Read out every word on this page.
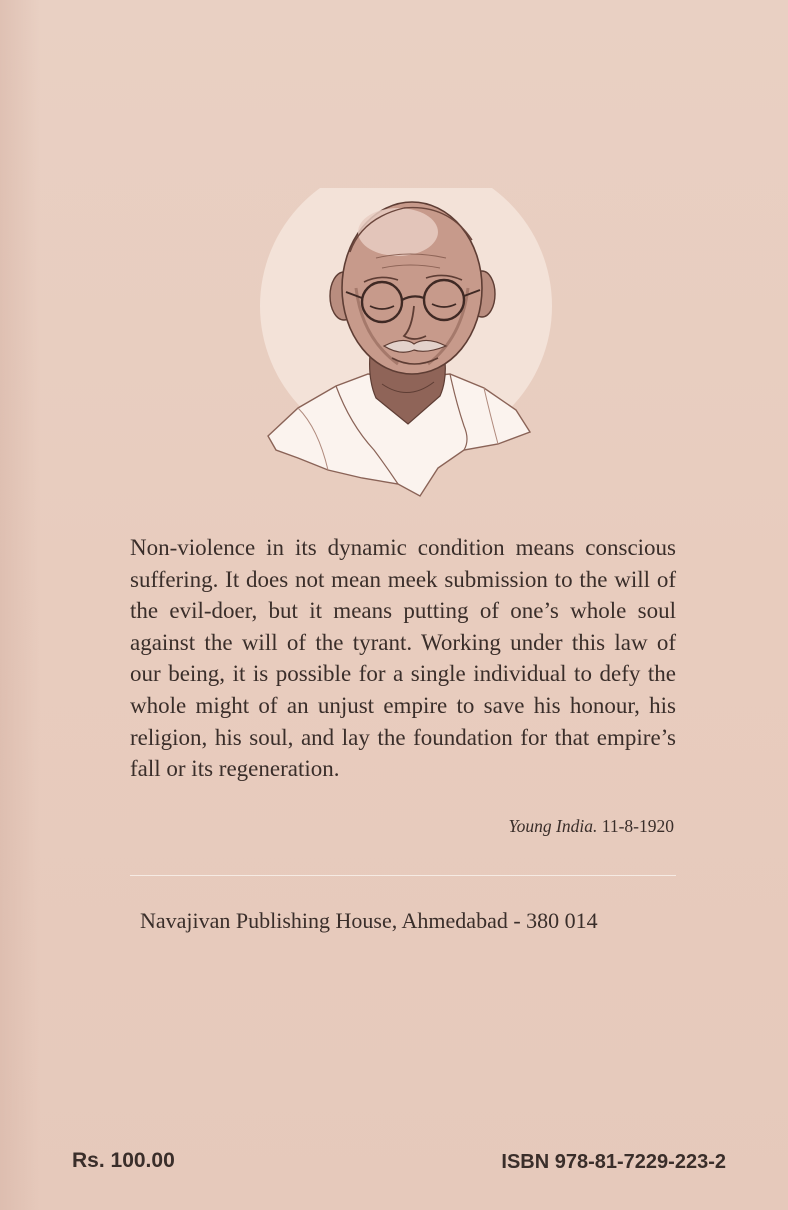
Non-violence in its dynamic condition means conscious suffering. It does not mean meek submission to the will of the evil-doer, but it means putting of one’s whole soul against the will of the tyrant. Working under this law of our being, it is possible for a single individual to defy the whole might of an unjust empire to save his honour, his religion, his soul, and lay the foundation for that empire’s fall or its regeneration.

Young India. 11-8-1920
Navajivan Publishing House, Ahmedabad - 380 014
Rs. 100.00	ISBN 978-81-7229-223-2
